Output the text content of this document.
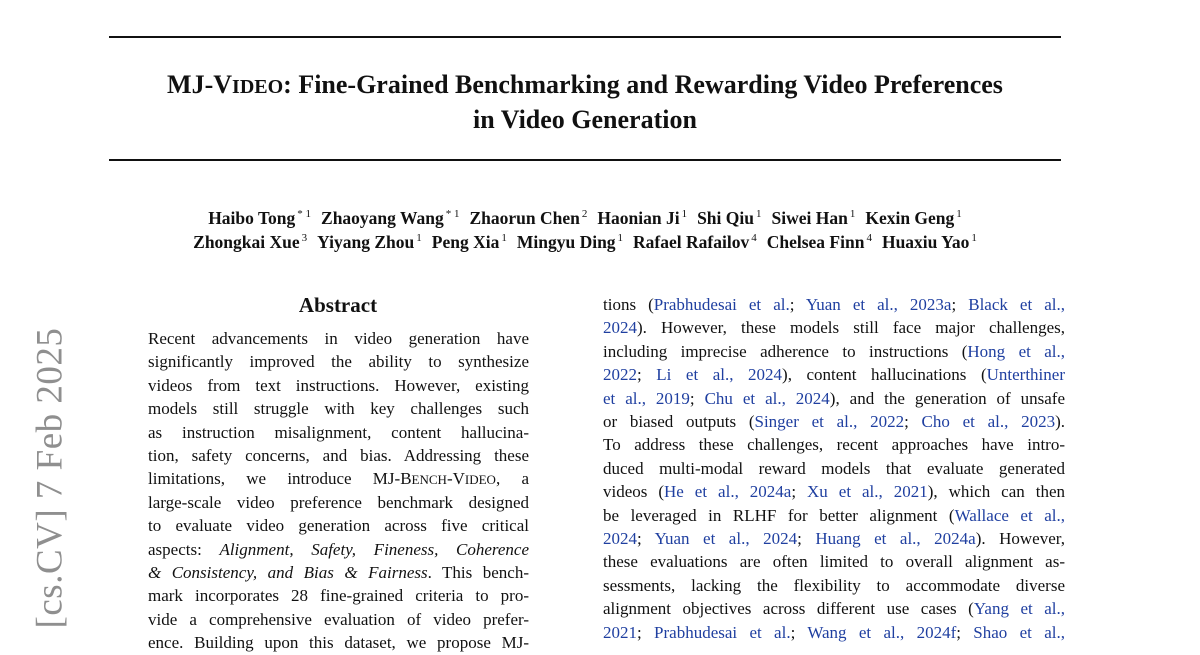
MJ-VIDEO: Fine-Grained Benchmarking and Rewarding Video Preferences
in Video Generation
Haibo Tong $^{* 1}$ Zhaoyang Wang $^{* 1}$ Zhaorun Chen $^2$ Haonian Ji $^1$ Shi Qiu $^1$ Siwei Han $^1$ Kexin Geng $^1$
Zhongkai Xue $^3$ Yiyang Zhou $^1$ Peng Xia $^1$ Mingyu Ding $^1$ Rafael Rafailov $^4$ Chelsea Finn $^4$ Huaxiu Yao $^1$
[cs.CV] 7 Feb 2025
Abstract
Recent advancements in video generation have
significantly improved the ability to synthesize
videos from text instructions. However, existing
models still struggle with key challenges such
as instruction misalignment, content hallucina-
tion, safety concerns, and bias. Addressing these
limitations, we introduce MJ-BENCH-VIDEO, a
large-scale video preference benchmark designed
to evaluate video generation across five critical
aspects: Alignment, Safety, Fineness, Coherence
& Consistency, and Bias & Fairness. This bench-
mark incorporates 28 fine-grained criteria to pro-
vide a comprehensive evaluation of video prefer-
ence. Building upon this dataset, we propose MJ-
tions (Prabhudesai et al.; Yuan et al., 2023a; Black et al.,
2024). However, these models still face major challenges,
including imprecise adherence to instructions (Hong et al.,
2022; Li et al., 2024), content hallucinations (Unterthiner
et al., 2019; Chu et al., 2024), and the generation of unsafe
or biased outputs (Singer et al., 2022; Cho et al., 2023).
To address these challenges, recent approaches have intro-
duced multi-modal reward models that evaluate generated
videos (He et al., 2024a; Xu et al., 2021), which can then
be leveraged in RLHF for better alignment (Wallace et al.,
2024; Yuan et al., 2024; Huang et al., 2024a). However,
these evaluations are often limited to overall alignment as-
sessments, lacking the flexibility to accommodate diverse
alignment objectives across different use cases (Yang et al.,
2021; Prabhudesai et al.; Wang et al., 2024f; Shao et al.,
